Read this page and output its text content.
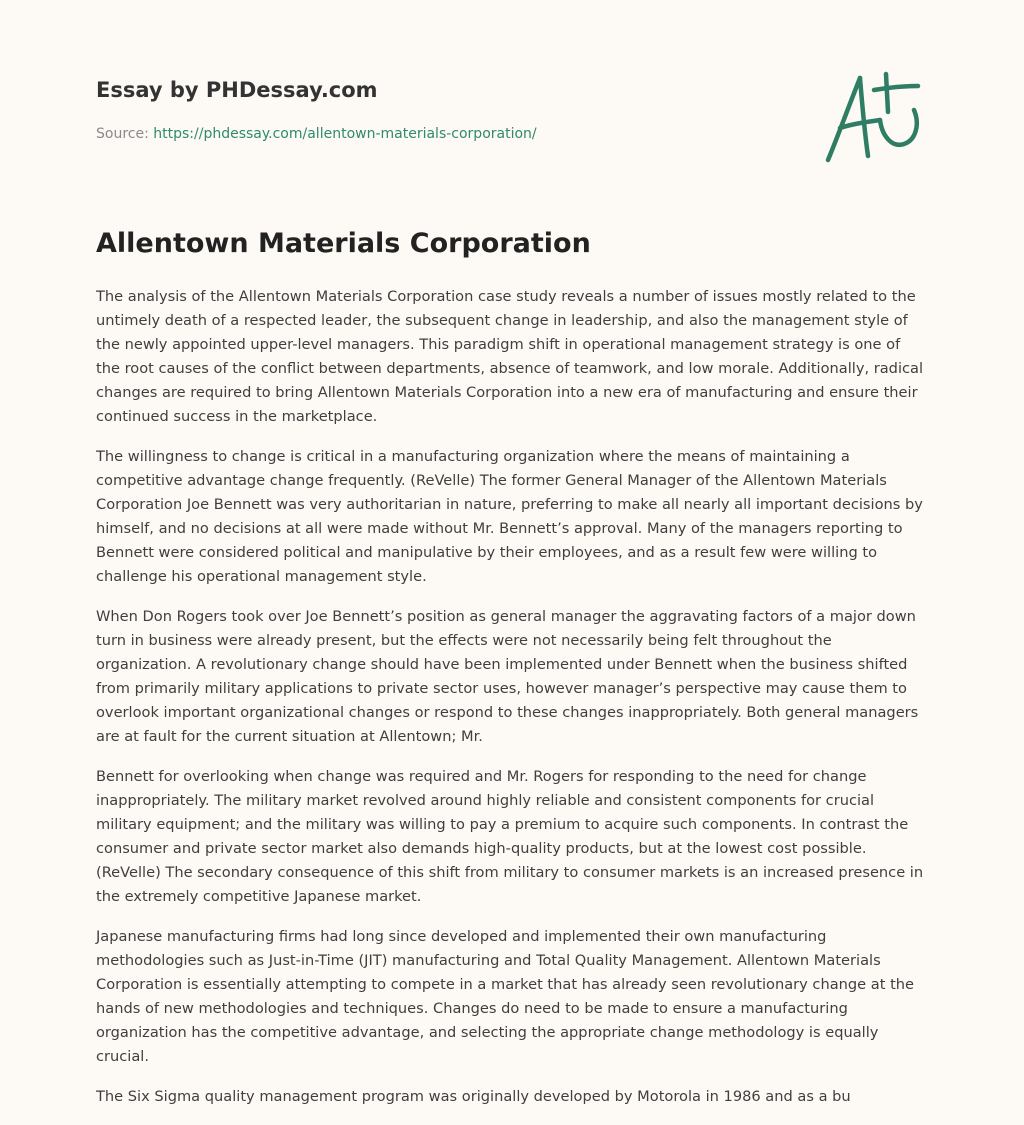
Essay by PHDessay.com
Source: https://phdessay.com/allentown-materials-corporation/
Allentown Materials Corporation

The analysis of the Allentown Materials Corporation case study reveals a number of issues mostly related to the untimely death of a respected leader, the subsequent change in leadership, and also the management style of the newly appointed upper-level managers. This paradigm shift in operational management strategy is one of the root causes of the conflict between departments, absence of teamwork, and low morale. Additionally, radical changes are required to bring Allentown Materials Corporation into a new era of manufacturing and ensure their continued success in the marketplace.

The willingness to change is critical in a manufacturing organization where the means of maintaining a competitive advantage change frequently. (ReVelle) The former General Manager of the Allentown Materials Corporation Joe Bennett was very authoritarian in nature, preferring to make all nearly all important decisions by himself, and no decisions at all were made without Mr. Bennett’s approval. Many of the managers reporting to Bennett were considered political and manipulative by their employees, and as a result few were willing to challenge his operational management style.

When Don Rogers took over Joe Bennett’s position as general manager the aggravating factors of a major down turn in business were already present, but the effects were not necessarily being felt throughout the organization. A revolutionary change should have been implemented under Bennett when the business shifted from primarily military applications to private sector uses, however manager’s perspective may cause them to overlook important organizational changes or respond to these changes inappropriately. Both general managers are at fault for the current situation at Allentown; Mr.

Bennett for overlooking when change was required and Mr. Rogers for responding to the need for change inappropriately. The military market revolved around highly reliable and consistent components for crucial military equipment; and the military was willing to pay a premium to acquire such components. In contrast the consumer and private sector market also demands high-quality products, but at the lowest cost possible. (ReVelle) The secondary consequence of this shift from military to consumer markets is an increased presence in the extremely competitive Japanese market.

Japanese manufacturing firms had long since developed and implemented their own manufacturing methodologies such as Just-in-Time (JIT) manufacturing and Total Quality Management. Allentown Materials Corporation is essentially attempting to compete in a market that has already seen revolutionary change at the hands of new methodologies and techniques. Changes do need to be made to ensure a manufacturing organization has the competitive advantage, and selecting the appropriate change methodology is equally crucial.

The Six Sigma quality management program was originally developed by Motorola in 1986 and as a bu
